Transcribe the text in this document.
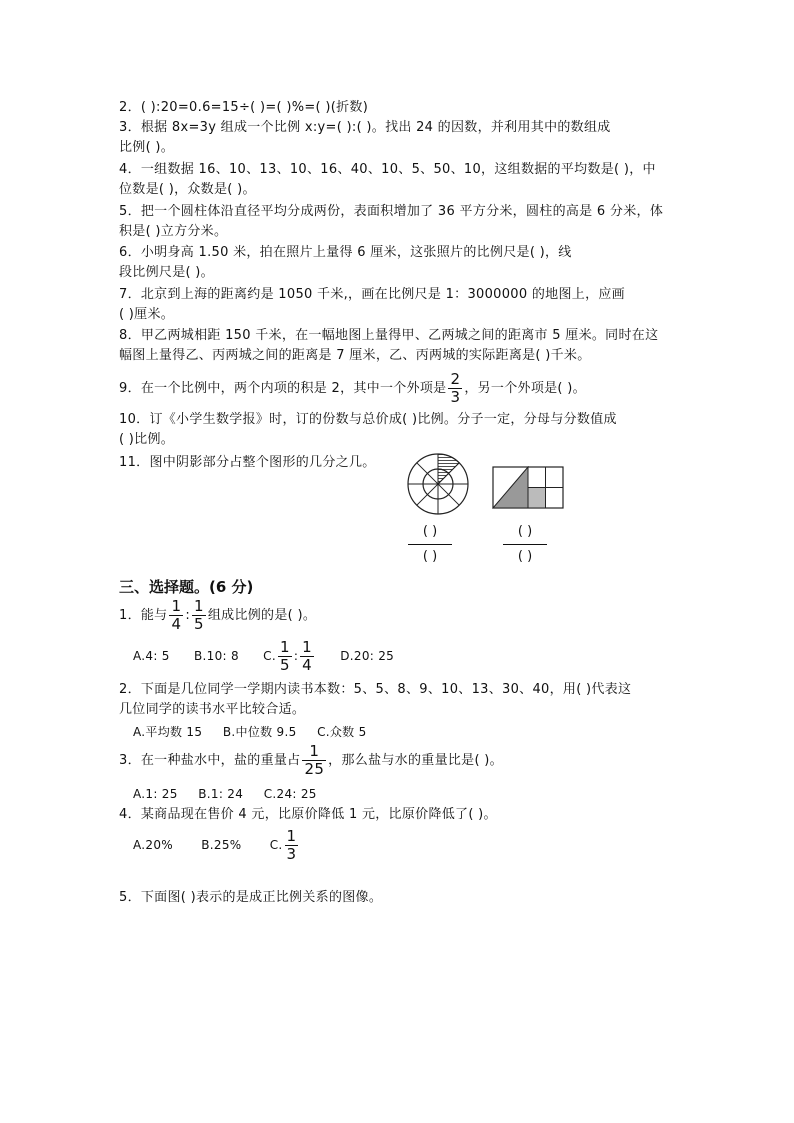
2．( ):20=0.6=15÷( )=( )%=( )(折数)
3．根据 8x=3y 组成一个比例 x:y=( ):( )。找出 24 的因数，并利用其中的数组成
比例( )。
4．一组数据 16、10、13、10、16、40、10、5、50、10，这组数据的平均数是( )，中
位数是( )，众数是( )。
5．把一个圆柱体沿直径平均分成两份，表面积增加了 36 平方分米，圆柱的高是 6 分米，体
积是( )立方分米。
6．小明身高 1.50 米，拍在照片上量得 6 厘米，这张照片的比例尺是( )，线
段比例尺是( )。
7．北京到上海的距离约是 1050 千米,，画在比例尺是 1：3000000 的地图上，应画
( )厘米。
8．甲乙两城相距 150 千米，在一幅地图上量得甲、乙两城之间的距离市 5 厘米。同时在这
幅图上量得乙、丙两城之间的距离是 7 厘米，乙、丙两城的实际距离是( )千米。
9．在一个比例中，两个内项的积是 2，其中一个外项是 $\frac{2}{3}$ ，另一个外项是( )。
10．订《小学生数学报》时，订的份数与总价成( )比例。分子一定，分母与分数值成
( )比例。
11．图中阴影部分占整个图形的几分之几。
( )
( )
( )
( )
三、选择题。(6 分)
1．能与 $\frac{1}{4}$ : $\frac{1}{5}$ 组成比例的是( )。
A.4: 5 B.10: 8 C. $\frac{1}{5}$ : $\frac{1}{4} D.20$: 25
2．下面是几位同学一学期内读书本数：5、5、8、9、10、13、30、40，用( )代表这
几位同学的读书水平比较合适。
A.平均数 15     B.中位数 9.5     C.众数 5
3．在一种盐水中，盐的重量占 $\frac{1}{25}$ ，那么盐与水的重量比是( )。
A.1: 25     B.1: 24     C.24: 25
4．某商品现在售价 4 元，比原价降低 1 元，比原价降低了( )。
A.20% B.25% C. $\frac{1}{3}$
5．下面图( )表示的是成正比例关系的图像。
